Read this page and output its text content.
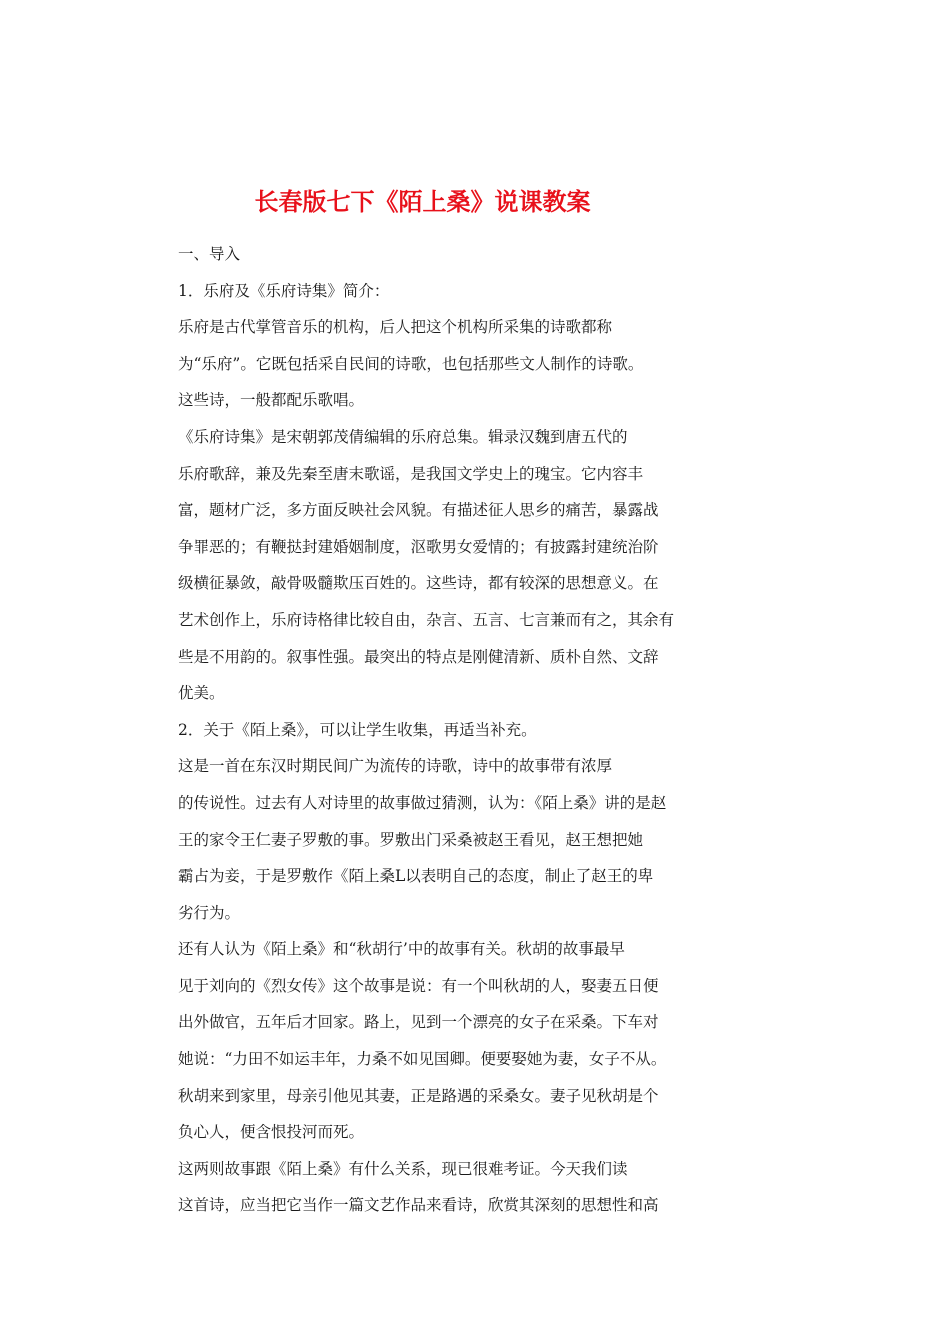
长春版七下《陌上桑》说课教案
一、导入
1．乐府及《乐府诗集》简介：
乐府是古代掌管音乐的机构，后人把这个机构所采集的诗歌都称
为“乐府”。它既包括采自民间的诗歌，也包括那些文人制作的诗歌。
这些诗，一般都配乐歌唱。
《乐府诗集》是宋朝郭茂倩编辑的乐府总集。辑录汉魏到唐五代的
乐府歌辞，兼及先秦至唐末歌谣，是我国文学史上的瑰宝。它内容丰
富，题材广泛，多方面反映社会风貌。有描述征人思乡的痛苦，暴露战
争罪恶的；有鞭挞封建婚姻制度，沤歌男女爱情的；有披露封建统治阶
级横征暴敛，敲骨吸髓欺压百姓的。这些诗，都有较深的思想意义。在
艺术创作上，乐府诗格律比较自由，杂言、五言、七言兼而有之，其余有
些是不用韵的。叙事性强。最突出的特点是刚健清新、质朴自然、文辞
优美。
2．关于《陌上桑》，可以让学生收集，再适当补充。
这是一首在东汉时期民间广为流传的诗歌，诗中的故事带有浓厚
的传说性。过去有人对诗里的故事做过猜测，认为：《陌上桑》讲的是赵
王的家令王仁妻子罗敷的事。罗敷出门采桑被赵王看见，赵王想把她
霸占为妾，于是罗敷作《陌上桑L以表明自己的态度，制止了赵王的卑
劣行为。
还有人认为《陌上桑》和“秋胡行’中的故事有关。秋胡的故事最早
见于刘向的《烈女传》这个故事是说：有一个叫秋胡的人，娶妻五日便
出外做官，五年后才回家。路上，见到一个漂亮的女子在采桑。下车对
她说：“力田不如运丰年，力桑不如见国卿。便要娶她为妻，女子不从。
秋胡来到家里，母亲引他见其妻，正是路遇的采桑女。妻子见秋胡是个
负心人，便含恨投河而死。
这两则故事跟《陌上桑》有什么关系，现已很难考证。今天我们读
这首诗，应当把它当作一篇文艺作品来看诗，欣赏其深刻的思想性和高
